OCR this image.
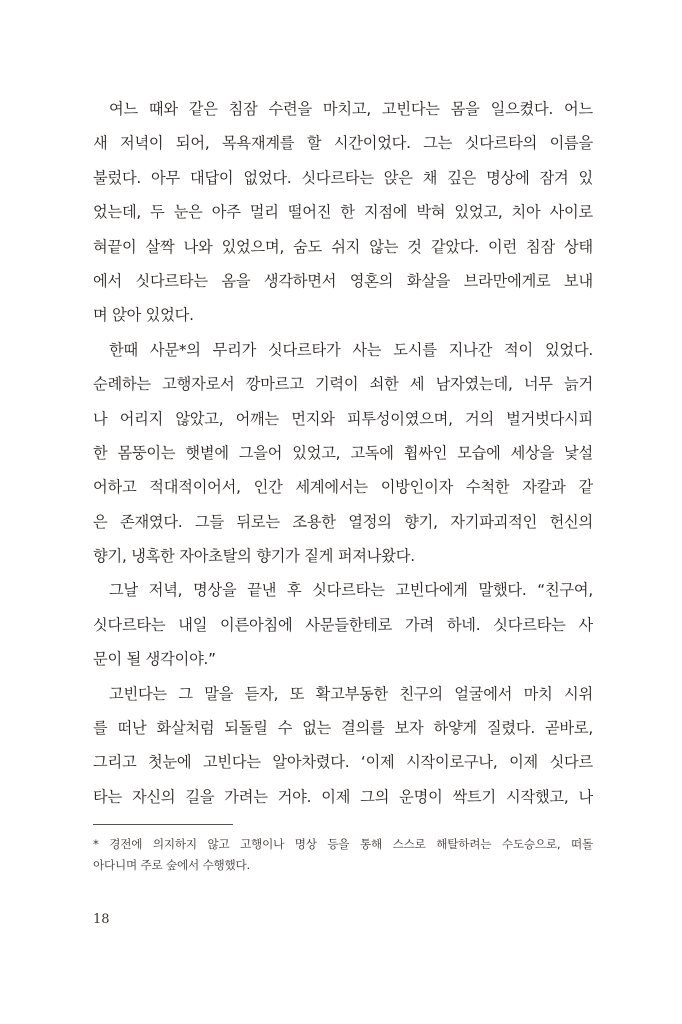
여느 때와 같은 침잠 수련을 마치고, 고빈다는 몸을 일으켰다. 어느
새 저녁이 되어, 목욕재계를 할 시간이었다. 그는 싯다르타의 이름을
불렀다. 아무 대답이 없었다. 싯다르타는 앉은 채 깊은 명상에 잠겨 있
었는데, 두 눈은 아주 멀리 떨어진 한 지점에 박혀 있었고, 치아 사이로
혀끝이 살짝 나와 있었으며, 숨도 쉬지 않는 것 같았다. 이런 침잠 상태
에서 싯다르타는 옴을 생각하면서 영혼의 화살을 브라만에게로 보내
며 앉아 있었다.
한때 사문*의 무리가 싯다르타가 사는 도시를 지나간 적이 있었다.
순례하는 고행자로서 깡마르고 기력이 쇠한 세 남자였는데, 너무 늙거
나 어리지 않았고, 어깨는 먼지와 피투성이였으며, 거의 벌거벗다시피
한 몸뚱이는 햇볕에 그을어 있었고, 고독에 휩싸인 모습에 세상을 낯설
어하고 적대적이어서, 인간 세계에서는 이방인이자 수척한 자칼과 같
은 존재였다. 그들 뒤로는 조용한 열정의 향기, 자기파괴적인 헌신의
향기, 냉혹한 자아초탈의 향기가 짙게 퍼져나왔다.
그날 저녁, 명상을 끝낸 후 싯다르타는 고빈다에게 말했다. “친구여,
싯다르타는 내일 이른아침에 사문들한테로 가려 하네. 싯다르타는 사
문이 될 생각이야.”
고빈다는 그 말을 듣자, 또 확고부동한 친구의 얼굴에서 마치 시위
를 떠난 화살처럼 되돌릴 수 없는 결의를 보자 하얗게 질렸다. 곧바로,
그리고 첫눈에 고빈다는 알아차렸다. ‘이제 시작이로구나, 이제 싯다르
타는 자신의 길을 가려는 거야. 이제 그의 운명이 싹트기 시작했고, 나
* 경전에 의지하지 않고 고행이나 명상 등을 통해 스스로 해탈하려는 수도승으로, 떠돌
아다니며 주로 숲에서 수행했다.
18
